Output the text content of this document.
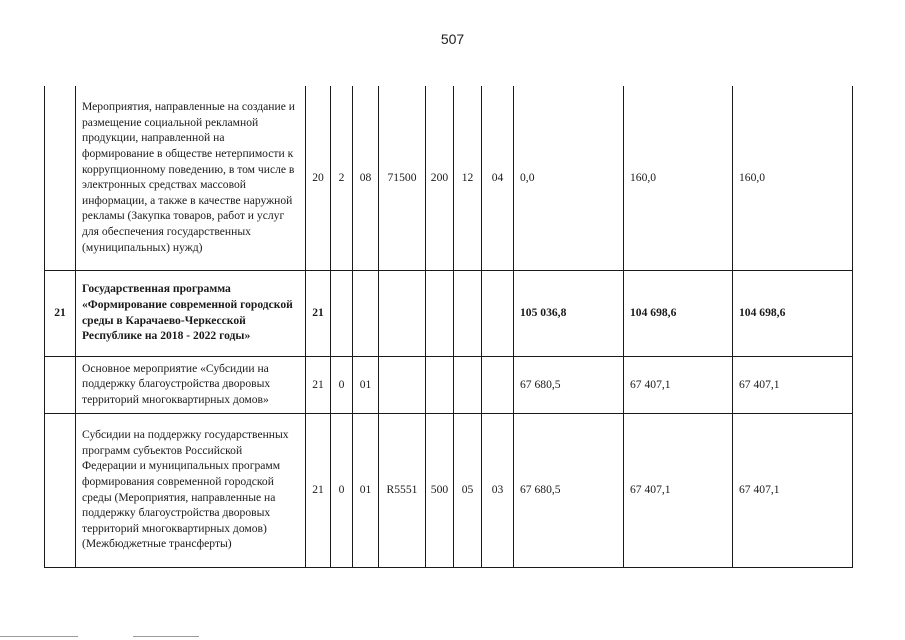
507
	Мероприятия, направленные на создание и размещение социальной рекламной продукции, направленной на формирование в обществе нетерпимости к коррупционному поведению, в том числе в электронных средствах массовой информации, а также в качестве наружной рекламы (Закупка товаров, работ и услуг для обеспечения государственных (муниципальных) нужд)	20	2	08	71500	200	12	04	0,0	160,0	160,0
21	Государственная программа «Формирование современной городской среды в Карачаево-Черкесской Республике на 2018 - 2022 годы»	21							105 036,8	104 698,6	104 698,6
	Основное мероприятие «Субсидии на поддержку благоустройства дворовых территорий многоквартирных домов»	21	0	01					67 680,5	67 407,1	67 407,1
	Субсидии на поддержку государственных программ субъектов Российской Федерации и муниципальных программ формирования современной городской среды (Мероприятия, направленные на поддержку благоустройства дворовых территорий многоквартирных домов) (Межбюджетные трансферты)	21	0	01	R5551	500	05	03	67 680,5	67 407,1	67 407,1
